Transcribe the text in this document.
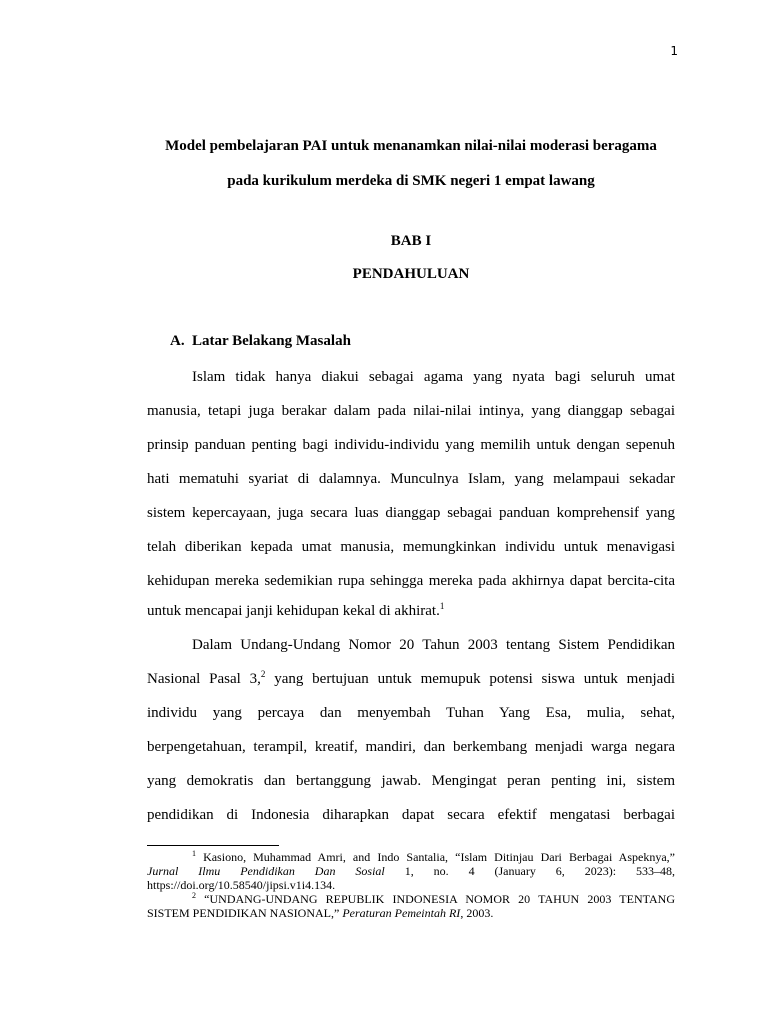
1
Model pembelajaran PAI untuk menanamkan nilai-nilai moderasi beragama
pada kurikulum merdeka di SMK negeri 1 empat lawang
BAB I
PENDAHULUAN
A. Latar Belakang Masalah
Islam tidak hanya diakui sebagai agama yang nyata bagi seluruh umat
manusia, tetapi juga berakar dalam pada nilai-nilai intinya, yang dianggap sebagai
prinsip panduan penting bagi individu-individu yang memilih untuk dengan sepenuh
hati mematuhi syariat di dalamnya. Munculnya Islam, yang melampaui sekadar
sistem kepercayaan, juga secara luas dianggap sebagai panduan komprehensif yang
telah diberikan kepada umat manusia, memungkinkan individu untuk menavigasi
kehidupan mereka sedemikian rupa sehingga mereka pada akhirnya dapat bercita-cita
untuk mencapai janji kehidupan kekal di akhirat.$^1$
Dalam Undang-Undang Nomor 20 Tahun 2003 tentang Sistem Pendidikan
Nasional Pasal 3,$^2$ yang bertujuan untuk memupuk potensi siswa untuk menjadi
individu yang percaya dan menyembah Tuhan Yang Esa, mulia, sehat,
berpengetahuan, terampil, kreatif, mandiri, dan berkembang menjadi warga negara
yang demokratis dan bertanggung jawab. Mengingat peran penting ini, sistem
pendidikan di Indonesia diharapkan dapat secara efektif mengatasi berbagai
$^1$ Kasiono, Muhammad Amri, and Indo Santalia, “Islam Ditinjau Dari Berbagai Aspeknya,”
Jurnal Ilmu Pendidikan Dan Sosial 1, no. 4 (January 6, 2023): 533–48,
https://doi.org/10.58540/jipsi.v1i4.134.
$^2$ “UNDANG-UNDANG REPUBLIK INDONESIA NOMOR 20 TAHUN 2003 TENTANG
SISTEM PENDIDIKAN NASIONAL,” Peraturan Pemeintah RI, 2003.
